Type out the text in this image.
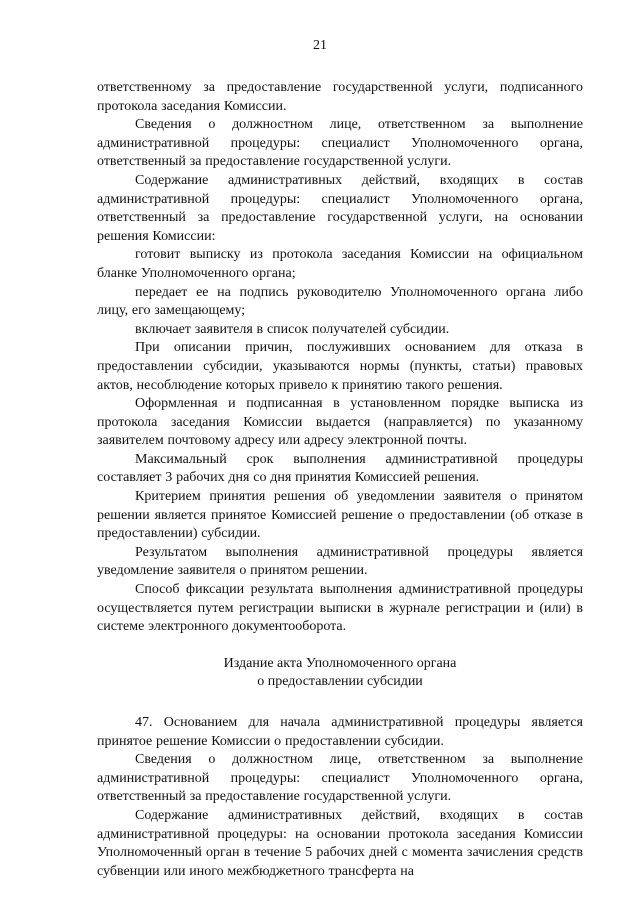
21

ответственному за предоставление государственной услуги, подписанного протокола заседания Комиссии.

Сведения о должностном лице, ответственном за выполнение административной процедуры: специалист Уполномоченного органа, ответственный за предоставление государственной услуги.

Содержание административных действий, входящих в состав административной процедуры: специалист Уполномоченного органа, ответственный за предоставление государственной услуги, на основании решения Комиссии:

готовит выписку из протокола заседания Комиссии на официальном бланке Уполномоченного органа;

передает ее на подпись руководителю Уполномоченного органа либо лицу, его замещающему;

включает заявителя в список получателей субсидии.

При описании причин, послуживших основанием для отказа в предоставлении субсидии, указываются нормы (пункты, статьи) правовых актов, несоблюдение которых привело к принятию такого решения.

Оформленная и подписанная в установленном порядке выписка из протокола заседания Комиссии выдается (направляется) по указанному заявителем почтовому адресу или адресу электронной почты.

Максимальный срок выполнения административной процедуры составляет 3 рабочих дня со дня принятия Комиссией решения.

Критерием принятия решения об уведомлении заявителя о принятом решении является принятое Комиссией решение о предоставлении (об отказе в предоставлении) субсидии.

Результатом выполнения административной процедуры является уведомление заявителя о принятом решении.

Способ фиксации результата выполнения административной процедуры осуществляется путем регистрации выписки в журнале регистрации и (или) в системе электронного документооборота.

Издание акта Уполномоченного органа

о предоставлении субсидии

47. Основанием для начала административной процедуры является принятое решение Комиссии о предоставлении субсидии.

Сведения о должностном лице, ответственном за выполнение административной процедуры: специалист Уполномоченного органа, ответственный за предоставление государственной услуги.

Содержание административных действий, входящих в состав административной процедуры: на основании протокола заседания Комиссии Уполномоченный орган в течение 5 рабочих дней с момента зачисления средств субвенции или иного межбюджетного трансферта на
